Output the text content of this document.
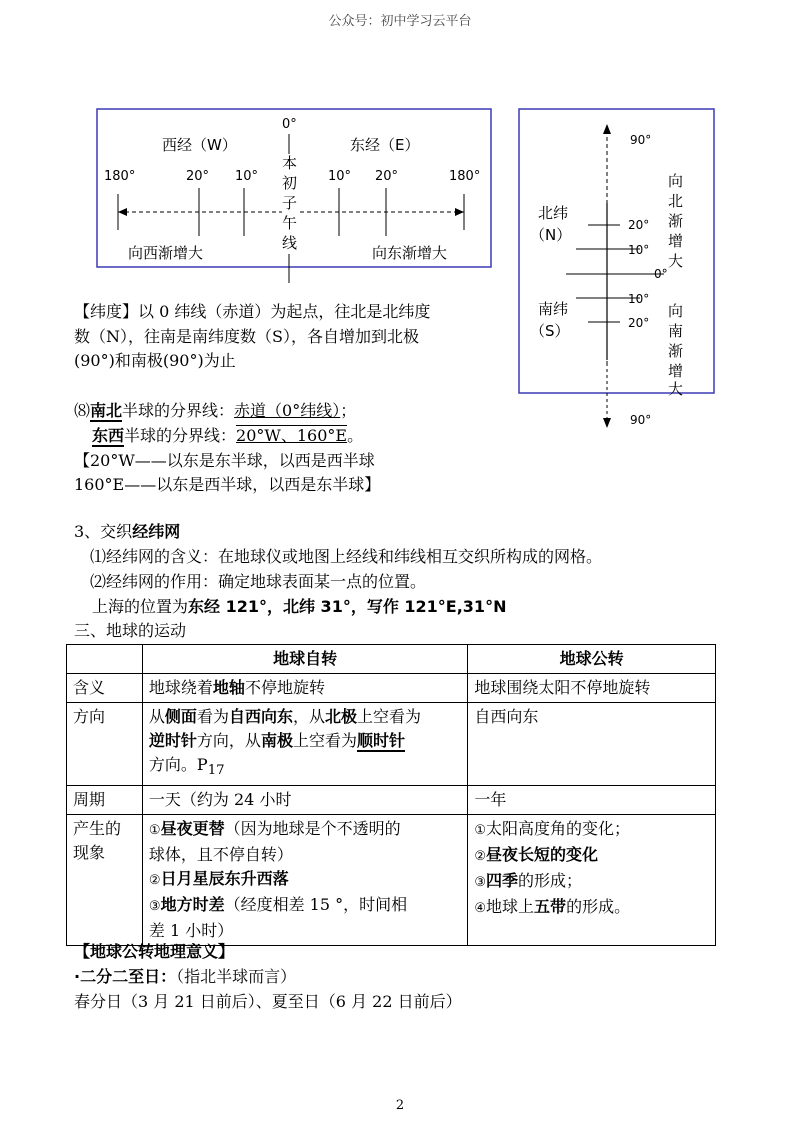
公众号：初中学习云平台
0°
西经（W）	东经（E）
180°	20° 10°	10° 20°	180°
本
初
子
午
线
向西渐增大	向东渐增大
90°
90°
20°
10°
0°
10°
20°
北纬
（N）
南纬
（S）
向
北
渐
增
大
向
南
渐
增
大
【纬度】以 0 纬线（赤道）为起点，往北是北纬度
数（N），往南是南纬度数（S），各自增加到北极
(90°)和南极(90°)为止
⑻南北半球的分界线：赤道（0°纬线）；
东西半球的分界线：20°W、160°E。
【20°W——以东是东半球，以西是西半球
160°E——以东是西半球，以西是东半球】
3、交织经纬网
⑴经纬网的含义：在地球仪或地图上经线和纬线相互交织所构成的网格。
⑵经纬网的作用：确定地球表面某一点的位置。
上海的位置为东经 121°，北纬 31°，写作 121°E,31°N
三、地球的运动
	地球自转	地球公转
含义	地球绕着地轴不停地旋转	地球围绕太阳不停地旋转
方向	从侧面看为自西向东，从北极上空看为
逆时针方向，从南极上空看为顺时针
方向。$P_{17}$	自西向东
周期	一天（约为 24 小时	一年
产生的
现象	①昼夜更替（因为地球是个不透明的
球体，且不停自转）
②日月星辰东升西落
③地方时差（经度相差 15 °，时间相
差 1 小时）	①太阳高度角的变化；
②昼夜长短的变化
③四季的形成；
④地球上五带的形成。
【地球公转地理意义】
·二分二至日：（指北半球而言）
春分日（3 月 21 日前后）、夏至日（6 月 22 日前后）
2
